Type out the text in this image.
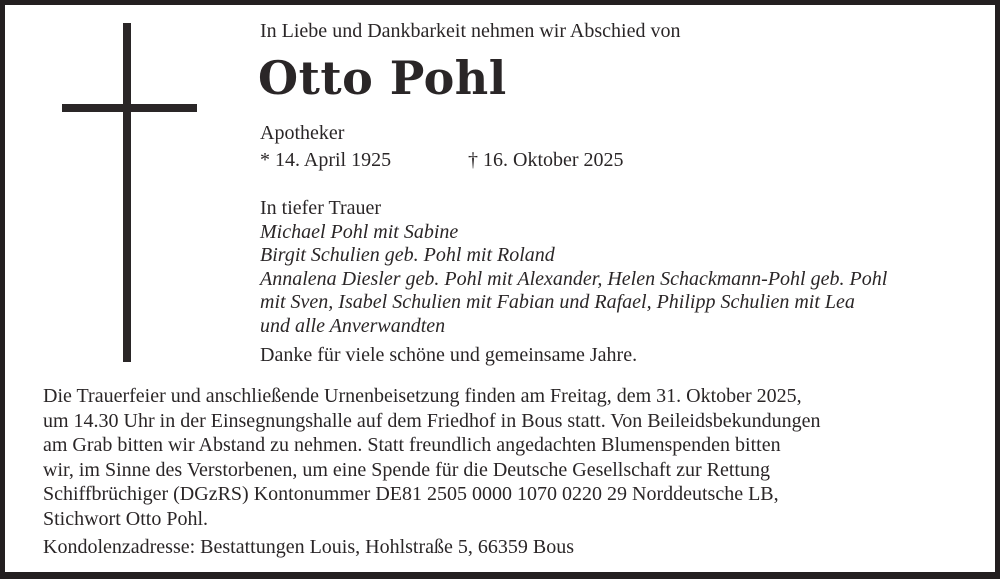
In Liebe und Dankbarkeit nehmen wir Abschied von
Otto Pohl
Apotheker
* 14. April 1925	† 16. Oktober 2025
In tiefer Trauer
Michael Pohl mit Sabine
Birgit Schulien geb. Pohl mit Roland
Annalena Diesler geb. Pohl mit Alexander, Helen Schackmann-Pohl geb. Pohl
mit Sven, Isabel Schulien mit Fabian und Rafael, Philipp Schulien mit Lea
und alle Anverwandten
Danke für viele schöne und gemeinsame Jahre.
Die Trauerfeier und anschließende Urnenbeisetzung finden am Freitag, dem 31. Oktober 2025,
um 14.30 Uhr in der Einsegnungshalle auf dem Friedhof in Bous statt. Von Beileidsbekundungen
am Grab bitten wir Abstand zu nehmen. Statt freundlich angedachten Blumenspenden bitten
wir, im Sinne des Verstorbenen, um eine Spende für die Deutsche Gesellschaft zur Rettung
Schiffbrüchiger (DGzRS) Kontonummer DE81 2505 0000 1070 0220 29 Norddeutsche LB,
Stichwort Otto Pohl.
Kondolenzadresse: Bestattungen Louis, Hohlstraße 5, 66359 Bous
